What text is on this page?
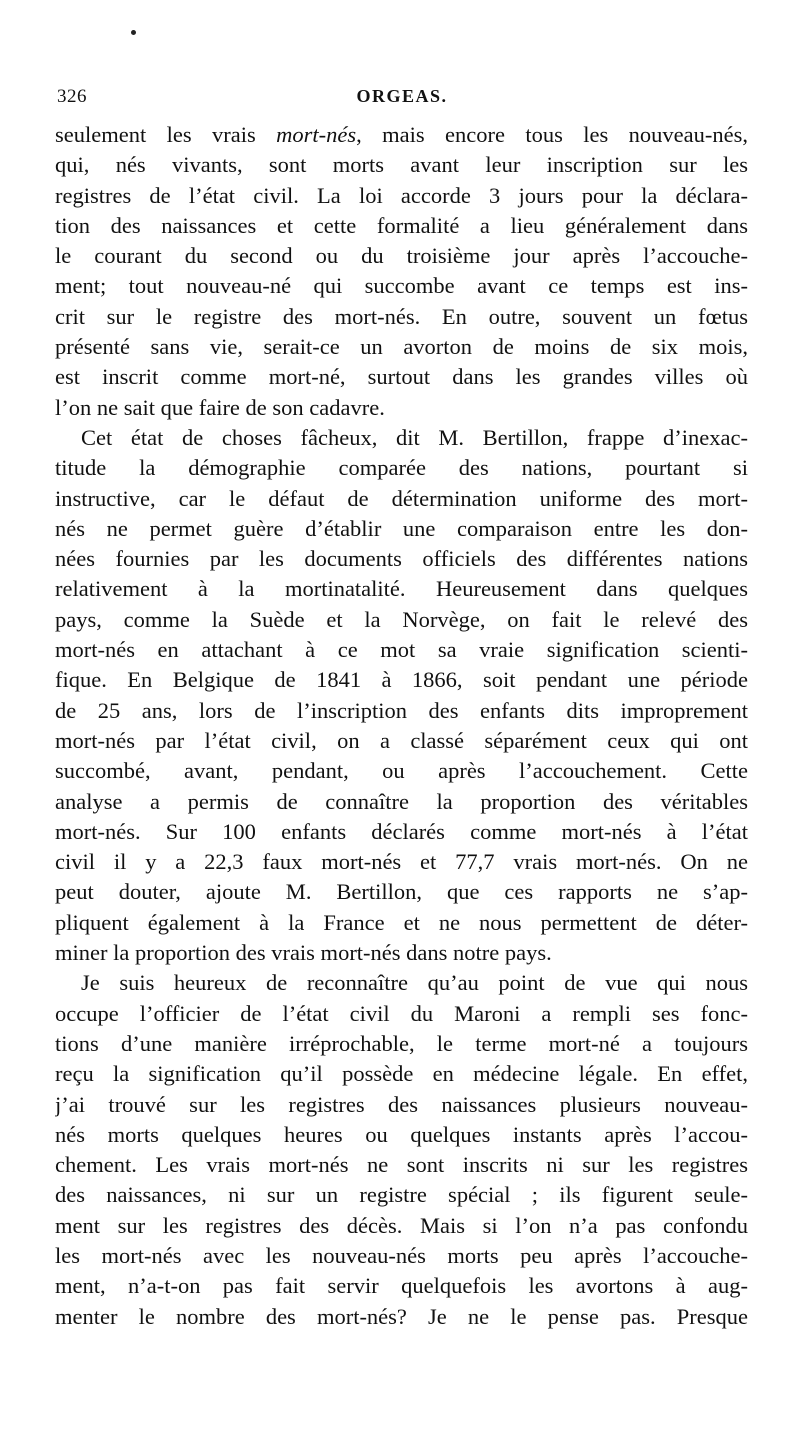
326	ORGEAS.
seulement les vrais mort-nés, mais encore tous les nouveau-nés,
qui, nés vivants, sont morts avant leur inscription sur les
registres de l’état civil. La loi accorde 3 jours pour la déclara-
tion des naissances et cette formalité a lieu généralement dans
le courant du second ou du troisième jour après l’accouche-
ment; tout nouveau-né qui succombe avant ce temps est ins-
crit sur le registre des mort-nés. En outre, souvent un fœtus
présenté sans vie, serait-ce un avorton de moins de six mois,
est inscrit comme mort-né, surtout dans les grandes villes où
l’on ne sait que faire de son cadavre.
Cet état de choses fâcheux, dit M. Bertillon, frappe d’inexac-
titude la démographie comparée des nations, pourtant si
instructive, car le défaut de détermination uniforme des mort-
nés ne permet guère d’établir une comparaison entre les don-
nées fournies par les documents officiels des différentes nations
relativement à la mortinatalité. Heureusement dans quelques
pays, comme la Suède et la Norvège, on fait le relevé des
mort-nés en attachant à ce mot sa vraie signification scienti-
fique. En Belgique de 1841 à 1866, soit pendant une période
de 25 ans, lors de l’inscription des enfants dits improprement
mort-nés par l’état civil, on a classé séparément ceux qui ont
succombé, avant, pendant, ou après l’accouchement. Cette
analyse a permis de connaître la proportion des véritables
mort-nés. Sur 100 enfants déclarés comme mort-nés à l’état
civil il y a 22,3 faux mort-nés et 77,7 vrais mort-nés. On ne
peut douter, ajoute M. Bertillon, que ces rapports ne s’ap-
pliquent également à la France et ne nous permettent de déter-
miner la proportion des vrais mort-nés dans notre pays.
Je suis heureux de reconnaître qu’au point de vue qui nous
occupe l’officier de l’état civil du Maroni a rempli ses fonc-
tions d’une manière irréprochable, le terme mort-né a toujours
reçu la signification qu’il possède en médecine légale. En effet,
j’ai trouvé sur les registres des naissances plusieurs nouveau-
nés morts quelques heures ou quelques instants après l’accou-
chement. Les vrais mort-nés ne sont inscrits ni sur les registres
des naissances, ni sur un registre spécial ; ils figurent seule-
ment sur les registres des décès. Mais si l’on n’a pas confondu
les mort-nés avec les nouveau-nés morts peu après l’accouche-
ment, n’a-t-on pas fait servir quelquefois les avortons à aug-
menter le nombre des mort-nés? Je ne le pense pas. Presque
